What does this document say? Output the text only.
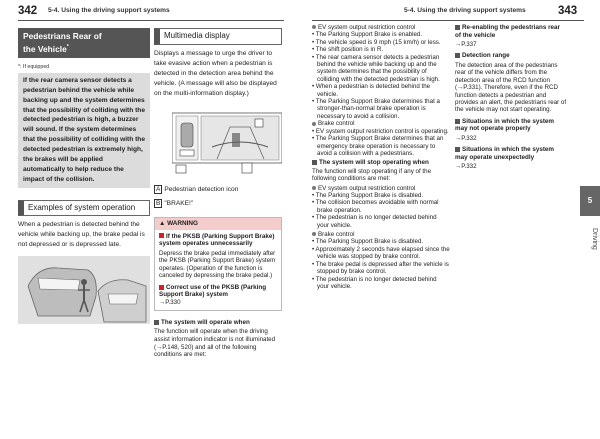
342 5-4. Using the driving support systems	5-4. Using the driving support systems	343
Pedestrians Rear of
the Vehicle*
*: If equipped
If the rear camera sensor detects a pedestrian behind the vehicle while backing up and the system determines that the possibility of colliding with the detected pedestrian is high, a buzzer will sound. If the system determines that the possibility of colliding with the detected pedestrian is extremely high, the brakes will be applied automatically to help reduce the impact of the collision.
Examples of system operation
When a pedestrian is detected behind the vehicle while backing up, the brake pedal is not depressed or is depressed late.
Multimedia display
Displays a message to urge the driver to take evasive action when a pedestrian is detected in the detection area behind the vehicle. (A message will also be displayed on the multi-information display.)
A Pedestrian detection icon
B "BRAKE!"
▲ WARNING
If the PKSB (Parking Support Brake) system operates unnecessarily
Depress the brake pedal immediately after the PKSB (Parking Support Brake) system operates. (Operation of the function is canceled by depressing the brake pedal.)
Correct use of the PKSB (Parking Support Brake) system
→P.330
The system will operate when
The function will operate when the driving assist information indicator is not illuminated (→P.148, 520) and all of the following conditions are met:
EV system output restriction control
• The Parking Support Brake is enabled.
• The vehicle speed is 9 mph (15 km/h) or less.
• The shift position is in R.
• The rear camera sensor detects a pedestrian behind the vehicle while backing up and the system determines that the possibility of colliding with the detected pedestrian is high.
• When a pedestrian is detected behind the vehicle.
• The Parking Support Brake determines that a stronger-than-normal brake operation is necessary to avoid a collision.
Brake control
• EV system output restriction control is operating.
• The Parking Support Brake determines that an emergency brake operation is necessary to avoid a collision with a pedestrians.
The system will stop operating when
The function will stop operating if any of the following conditions are met:
EV system output restriction control
• The Parking Support Brake is disabled.
• The collision becomes avoidable with normal brake operation.
• The pedestrian is no longer detected behind your vehicle.
Brake control
• The Parking Support Brake is disabled.
• Approximately 2 seconds have elapsed since the vehicle was stopped by brake control.
• The brake pedal is depressed after the vehicle is stopped by brake control.
• The pedestrian is no longer detected behind your vehicle.
Re-enabling the pedestrians rear of the vehicle
→P.337
Detection range
The detection area of the pedestrians rear of the vehicle differs from the detection area of the RCD function (→P.331). Therefore, even if the RCD function detects a pedestrian and provides an alert, the pedestrians rear of the vehicle may not start operating.
Situations in which the system may not operate properly
→P.332
Situations in which the system may operate unexpectedly
→P.332
5
Driving
